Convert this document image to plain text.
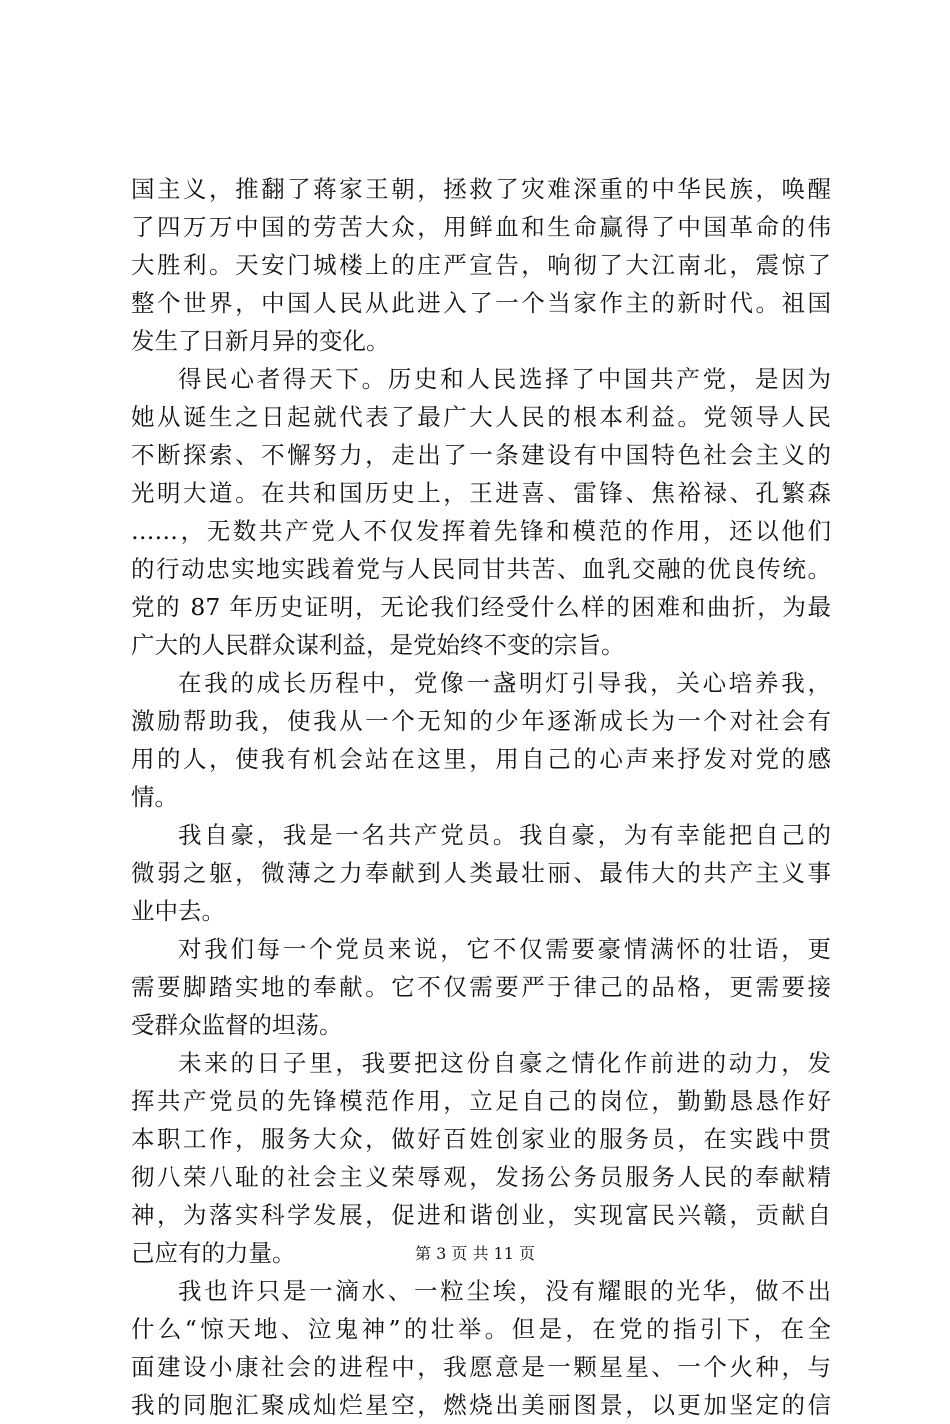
国主义，推翻了蒋家王朝，拯救了灾难深重的中华民族，唤醒
了四万万中国的劳苦大众，用鲜血和生命赢得了中国革命的伟
大胜利。天安门城楼上的庄严宣告，响彻了大江南北，震惊了
整个世界，中国人民从此进入了一个当家作主的新时代。祖国
发生了日新月异的变化。
得民心者得天下。历史和人民选择了中国共产党，是因为
她从诞生之日起就代表了最广大人民的根本利益。党领导人民
不断探索、不懈努力，走出了一条建设有中国特色社会主义的
光明大道。在共和国历史上，王进喜、雷锋、焦裕禄、孔繁森
……，无数共产党人不仅发挥着先锋和模范的作用，还以他们
的行动忠实地实践着党与人民同甘共苦、血乳交融的优良传统。
党的 87 年历史证明，无论我们经受什么样的困难和曲折，为最
广大的人民群众谋利益，是党始终不变的宗旨。
在我的成长历程中，党像一盏明灯引导我，关心培养我，
激励帮助我，使我从一个无知的少年逐渐成长为一个对社会有
用的人，使我有机会站在这里，用自己的心声来抒发对党的感
情。
我自豪，我是一名共产党员。我自豪，为有幸能把自己的
微弱之躯，微薄之力奉献到人类最壮丽、最伟大的共产主义事
业中去。
对我们每一个党员来说，它不仅需要豪情满怀的壮语，更
需要脚踏实地的奉献。它不仅需要严于律己的品格，更需要接
受群众监督的坦荡。
未来的日子里，我要把这份自豪之情化作前进的动力，发
挥共产党员的先锋模范作用，立足自己的岗位，勤勤恳恳作好
本职工作，服务大众，做好百姓创家业的服务员，在实践中贯
彻八荣八耻的社会主义荣辱观，发扬公务员服务人民的奉献精
神，为落实科学发展，促进和谐创业，实现富民兴赣，贡献自
己应有的力量。
我也许只是一滴水、一粒尘埃，没有耀眼的光华，做不出
什么“惊天地、泣鬼神”的壮举。但是，在党的指引下，在全
面建设小康社会的进程中，我愿意是一颗星星、一个火种，与
我的同胞汇聚成灿烂星空，燃烧出美丽图景，以更加坚定的信
第 3 页 共 11 页
